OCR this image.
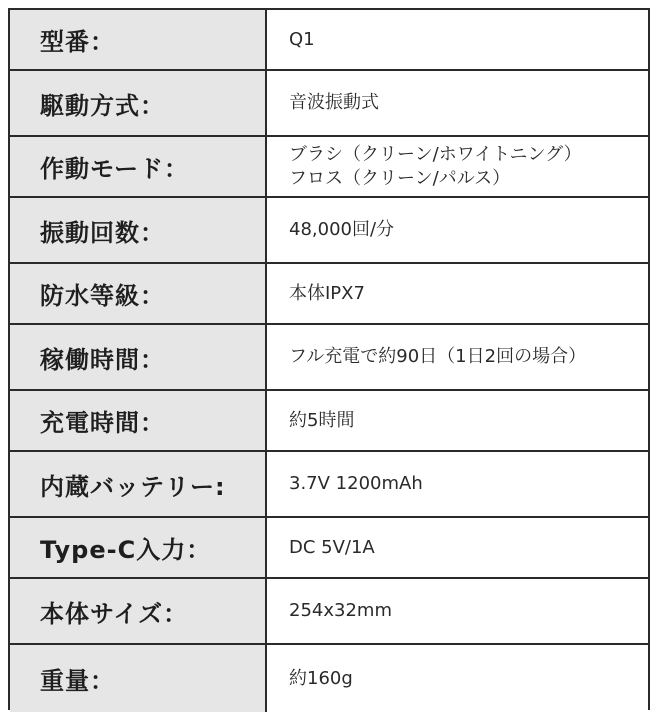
型番：	Q1
駆動方式：	音波振動式
作動モード：
ブラシ（クリーン/ホワイトニング）
フロス（クリーン/パルス）
振動回数：	48,000回/分
防水等級：	本体IPX7
稼働時間：	フル充電で約90日（1日2回の場合）
充電時間：	約5時間
内蔵バッテリー:	3.7V 1200mAh
Type-C入力：	DC 5V/1A
本体サイズ：	254x32mm
重量：	約160g
